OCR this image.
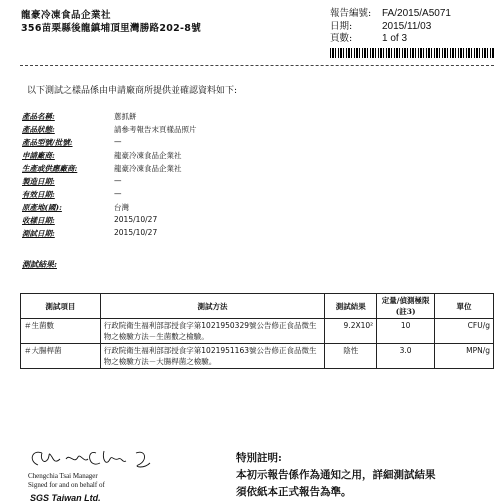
龍豪冷凍食品企業社
356苗栗縣後龍鎮埔頂里灣勝路202-8號
報告編號:	FA/2015/A5071
日期:	2015/11/03
頁數:	1 of 3
以下測試之樣品係由申請廠商所提供並確認資料如下:
產品名稱:	蔥抓餅
產品狀態:	請參考報告末頁樣品照片
產品型號/批號:	—
申請廠商:	龍豪冷凍食品企業社
生產或供應廠商:	龍豪冷凍食品企業社
製造日期:	—
有效日期:	—
原產地(國):	台灣
收樣日期:	2015/10/27
測試日期:	2015/10/27
測試結果:
測試項目	測試方法	測試結果	定量/偵測極限(註3)	單位
＃生菌數	行政院衛生福利部部授食字第1021950329號公告修正食品微生物之檢驗方法－生菌數之檢驗。	9.2X10²	10	CFU/g
＃大腸桿菌	行政院衛生福利部部授食字第1021951163號公告修正食品微生物之檢驗方法－大腸桿菌之檢驗。	陰性	3.0	MPN/g
Chengchia Tsai Manager
Signed for and on behalf of
SGS Taiwan Ltd.
特別註明:
本初示報告係作為通知之用，詳細測試結果
須依紙本正式報告為準。
